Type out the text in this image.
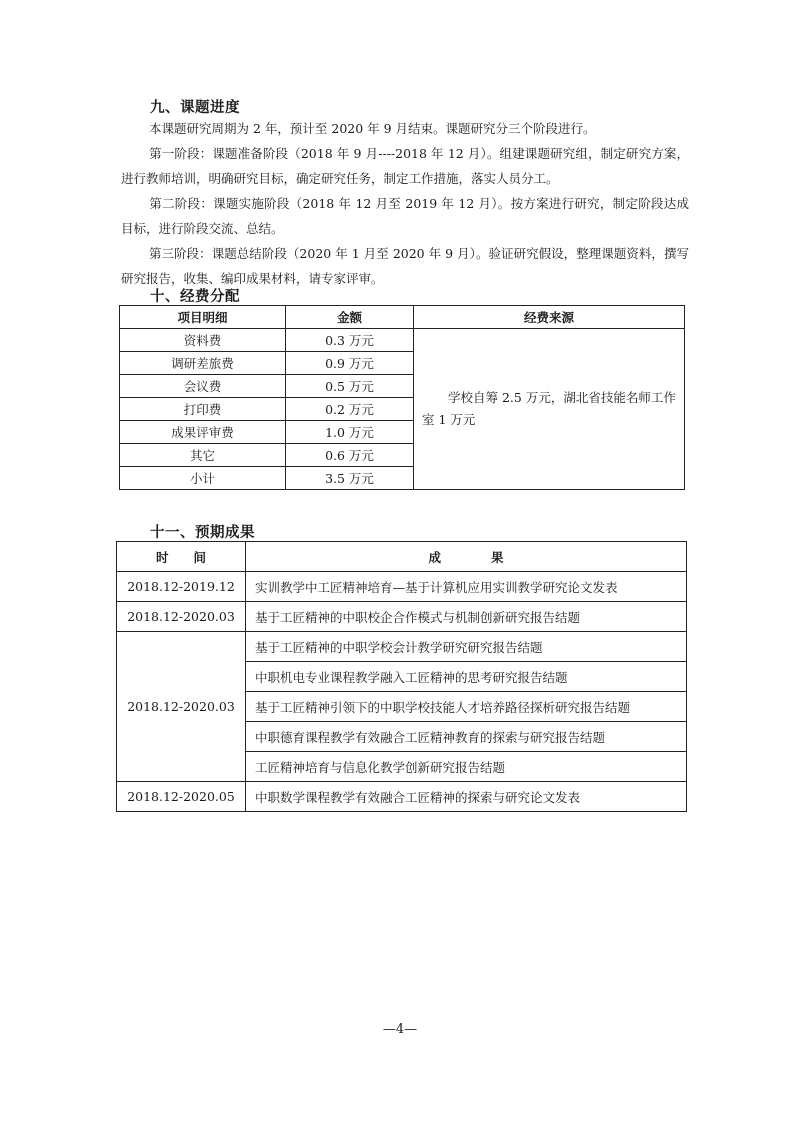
九、课题进度

本课题研究周期为 2 年，预计至 2020 年 9 月结束。课题研究分三个阶段进行。

第一阶段：课题准备阶段（2018 年 9 月----2018 年 12 月）。组建课题研究组，制定研究方案，进行教师培训，明确研究目标，确定研究任务，制定工作措施，落实人员分工。

第二阶段：课题实施阶段（2018 年 12 月至 2019 年 12 月）。按方案进行研究，制定阶段达成目标，进行阶段交流、总结。

第三阶段：课题总结阶段（2020 年 1 月至 2020 年 9 月）。验证研究假设，整理课题资料，撰写研究报告，收集、编印成果材料，请专家评审。

十、经费分配
项目明细	金额	经费来源
资料费	0.3 万元	学校自筹 2.5 万元，湖北省技能名师工作室 1 万元
调研差旅费	0.9 万元	
会议费	0.5 万元	
打印费	0.2 万元	
成果评审费	1.0 万元	
其它	0.6 万元	
小计	3.5 万元	
十一、预期成果
时　　间	成　　　　果
2018.12-2019.12	实训教学中工匠精神培育—基于计算机应用实训教学研究论文发表
2018.12-2020.03	基于工匠精神的中职校企合作模式与机制创新研究报告结题
2018.12-2020.03	基于工匠精神的中职学校会计教学研究研究报告结题
	中职机电专业课程教学融入工匠精神的思考研究报告结题
	基于工匠精神引领下的中职学校技能人才培养路径探析研究报告结题
	中职德育课程教学有效融合工匠精神教育的探索与研究报告结题
	工匠精神培育与信息化教学创新研究报告结题
2018.12-2020.05	中职数学课程教学有效融合工匠精神的探索与研究论文发表
—4—
